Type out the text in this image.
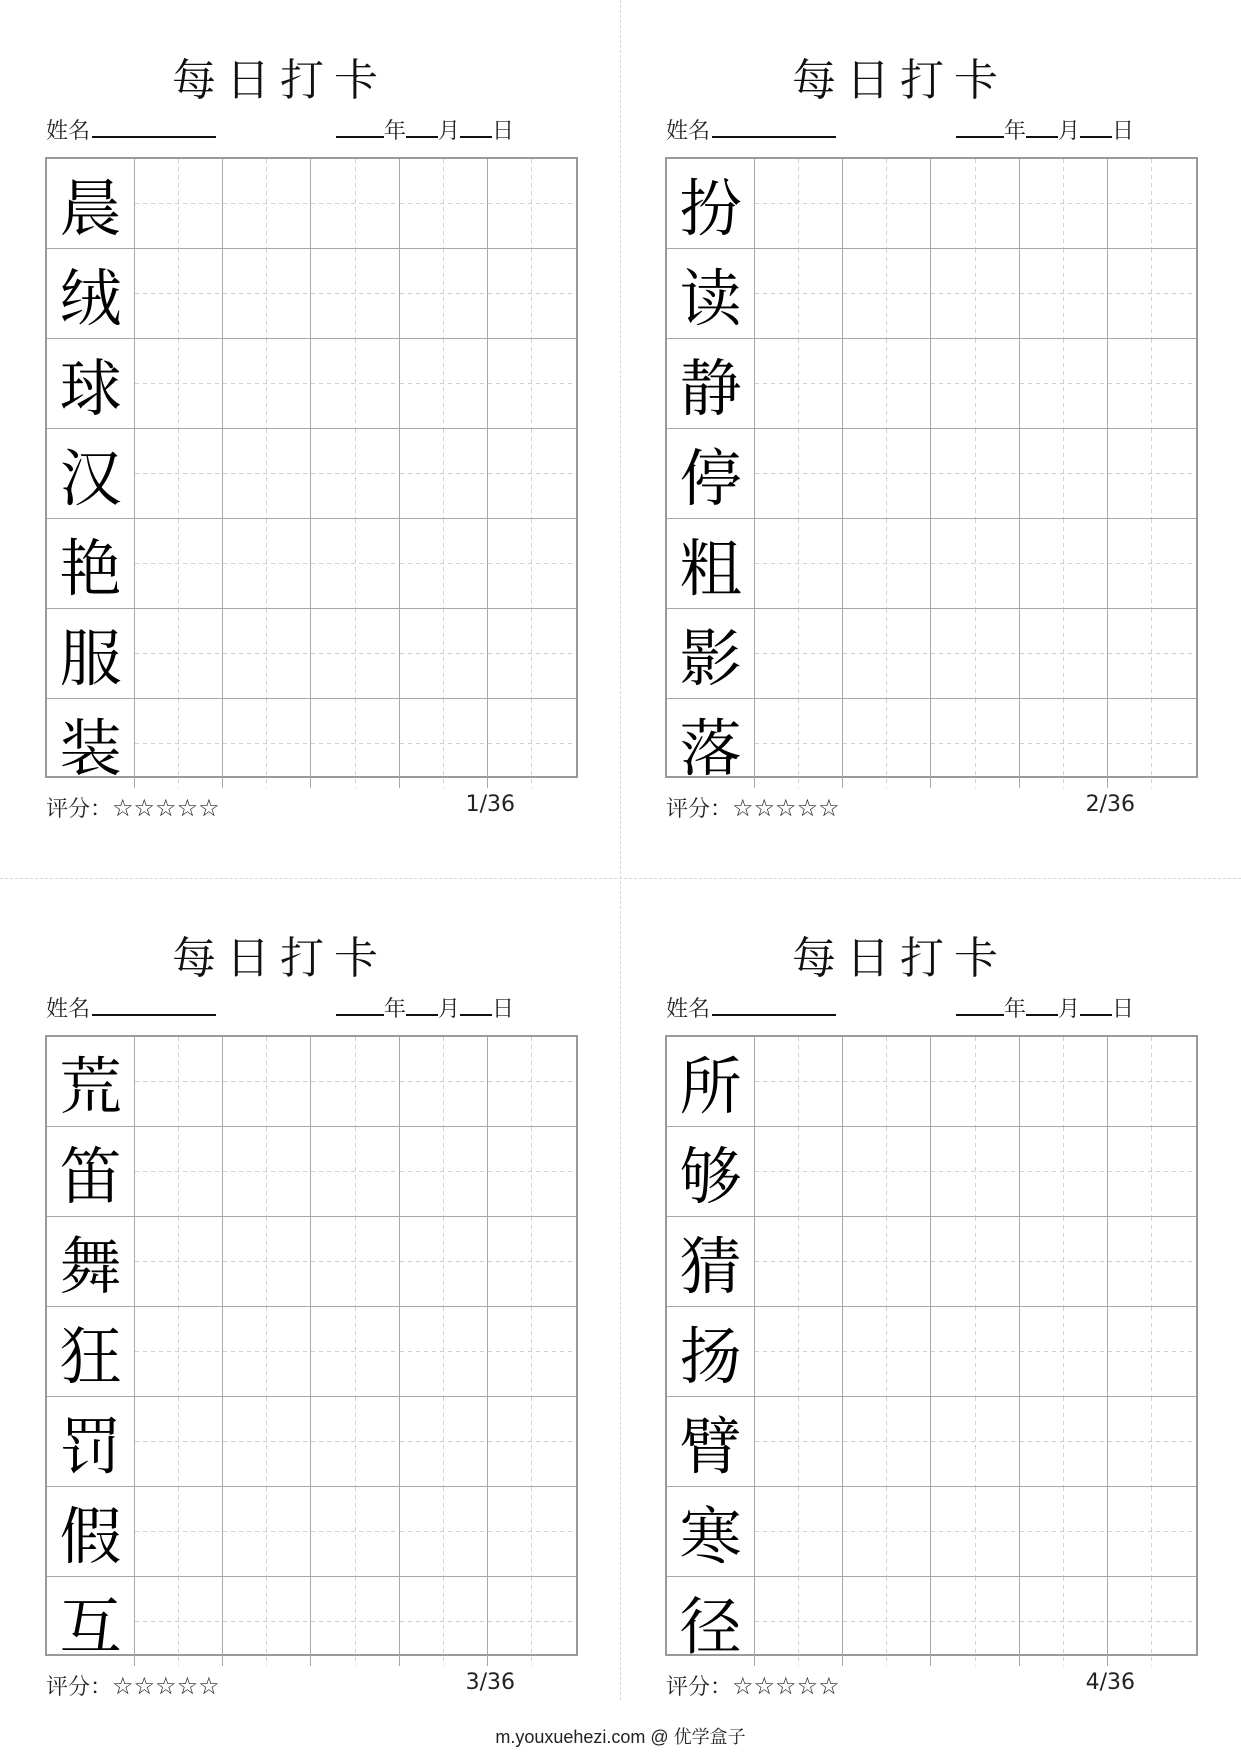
每日打卡
姓名	年 月 日
晨
绒
球
汉
艳
服
装
评分：☆☆☆☆☆	1/36
每日打卡
姓名	年 月 日
扮
读
静
停
粗
影
落
评分：☆☆☆☆☆	2/36
每日打卡
姓名	年 月 日
荒
笛
舞
狂
罚
假
互
评分：☆☆☆☆☆	3/36
每日打卡
姓名	年 月 日
所
够
猜
扬
臂
寒
径
评分：☆☆☆☆☆	4/36
m.youxuehezi.com @ 优学盒子
